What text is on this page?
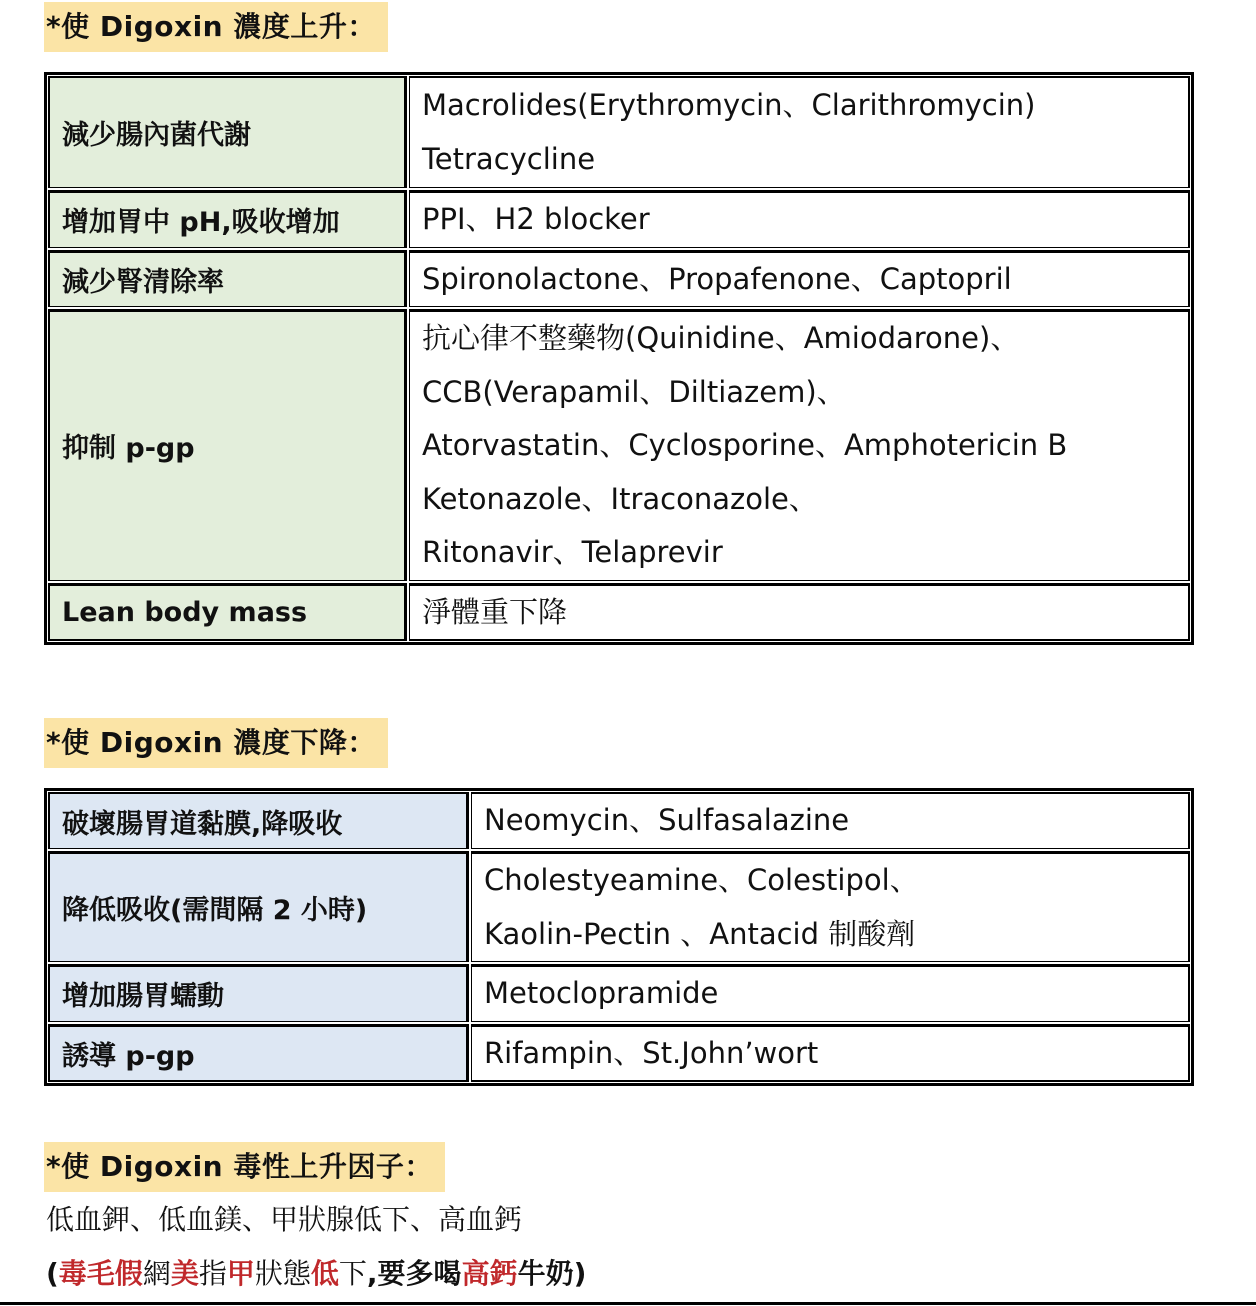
*使 Digoxin 濃度上升：
減少腸內菌代謝	Macrolides(Erythromycin、Clarithromycin)
Tetracycline

增加胃中 pH,吸收增加	PPI、H2 blocker

減少腎清除率	Spironolactone、Propafenone、Captopril

抑制 p-gp	抗心律不整藥物(Quinidine、Amiodarone)、
CCB(Verapamil、Diltiazem)、
Atorvastatin、Cyclosporine、Amphotericin B
Ketonazole、Itraconazole、
Ritonavir、Telaprevir

Lean body mass	淨體重下降
*使 Digoxin 濃度下降：
破壞腸胃道黏膜,降吸收	Neomycin、Sulfasalazine

降低吸收(需間隔 2 小時)	Cholestyeamine、Colestipol、
Kaolin-Pectin 、Antacid 制酸劑

增加腸胃蠕動	Metoclopramide

誘導 p-gp	Rifampin、St.John’wort
*使 Digoxin 毒性上升因子：
低血鉀、低血鎂、甲狀腺低下、高血鈣
(毒毛假網美指甲狀態低下,要多喝高鈣牛奶)
